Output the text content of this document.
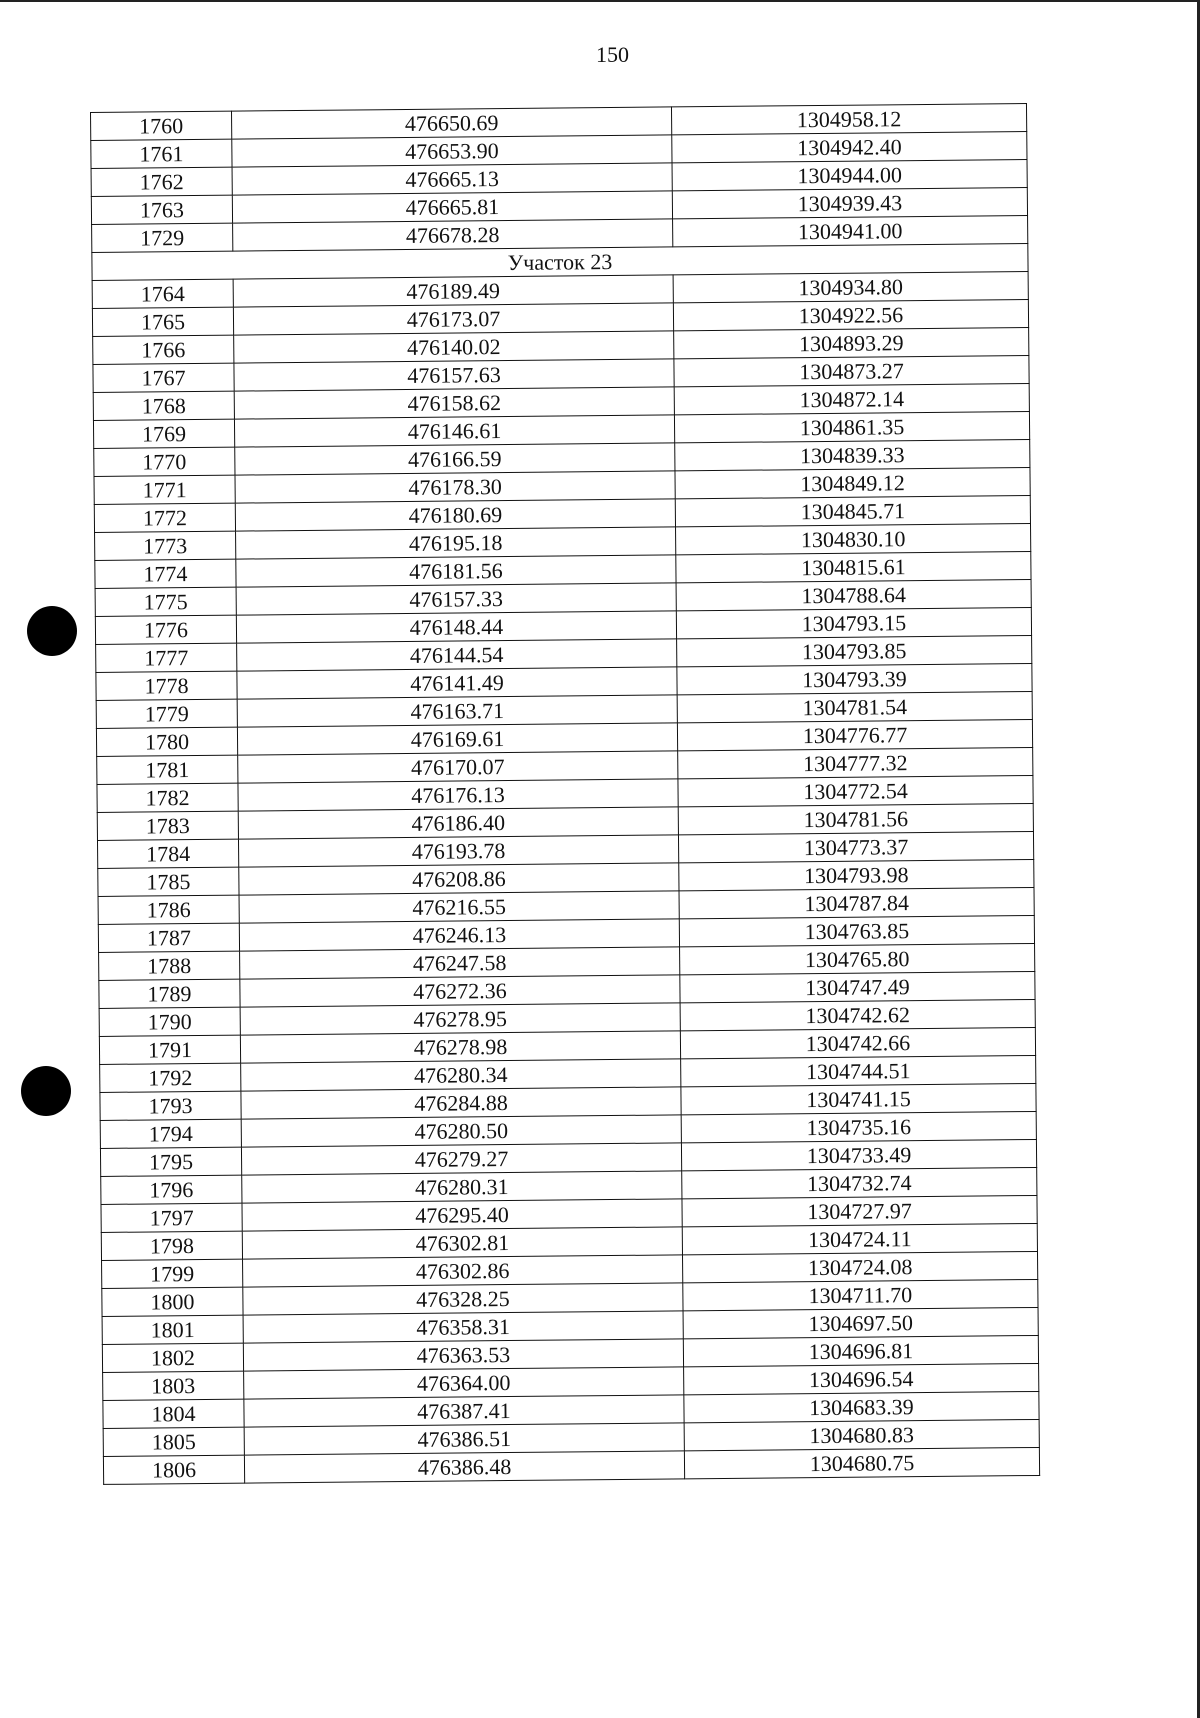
150
1760	476650.69	1304958.12
1761	476653.90	1304942.40
1762	476665.13	1304944.00
1763	476665.81	1304939.43
1729	476678.28	1304941.00
Участок 23		
1764	476189.49	1304934.80
1765	476173.07	1304922.56
1766	476140.02	1304893.29
1767	476157.63	1304873.27
1768	476158.62	1304872.14
1769	476146.61	1304861.35
1770	476166.59	1304839.33
1771	476178.30	1304849.12
1772	476180.69	1304845.71
1773	476195.18	1304830.10
1774	476181.56	1304815.61
1775	476157.33	1304788.64
1776	476148.44	1304793.15
1777	476144.54	1304793.85
1778	476141.49	1304793.39
1779	476163.71	1304781.54
1780	476169.61	1304776.77
1781	476170.07	1304777.32
1782	476176.13	1304772.54
1783	476186.40	1304781.56
1784	476193.78	1304773.37
1785	476208.86	1304793.98
1786	476216.55	1304787.84
1787	476246.13	1304763.85
1788	476247.58	1304765.80
1789	476272.36	1304747.49
1790	476278.95	1304742.62
1791	476278.98	1304742.66
1792	476280.34	1304744.51
1793	476284.88	1304741.15
1794	476280.50	1304735.16
1795	476279.27	1304733.49
1796	476280.31	1304732.74
1797	476295.40	1304727.97
1798	476302.81	1304724.11
1799	476302.86	1304724.08
1800	476328.25	1304711.70
1801	476358.31	1304697.50
1802	476363.53	1304696.81
1803	476364.00	1304696.54
1804	476387.41	1304683.39
1805	476386.51	1304680.83
1806	476386.48	1304680.75
